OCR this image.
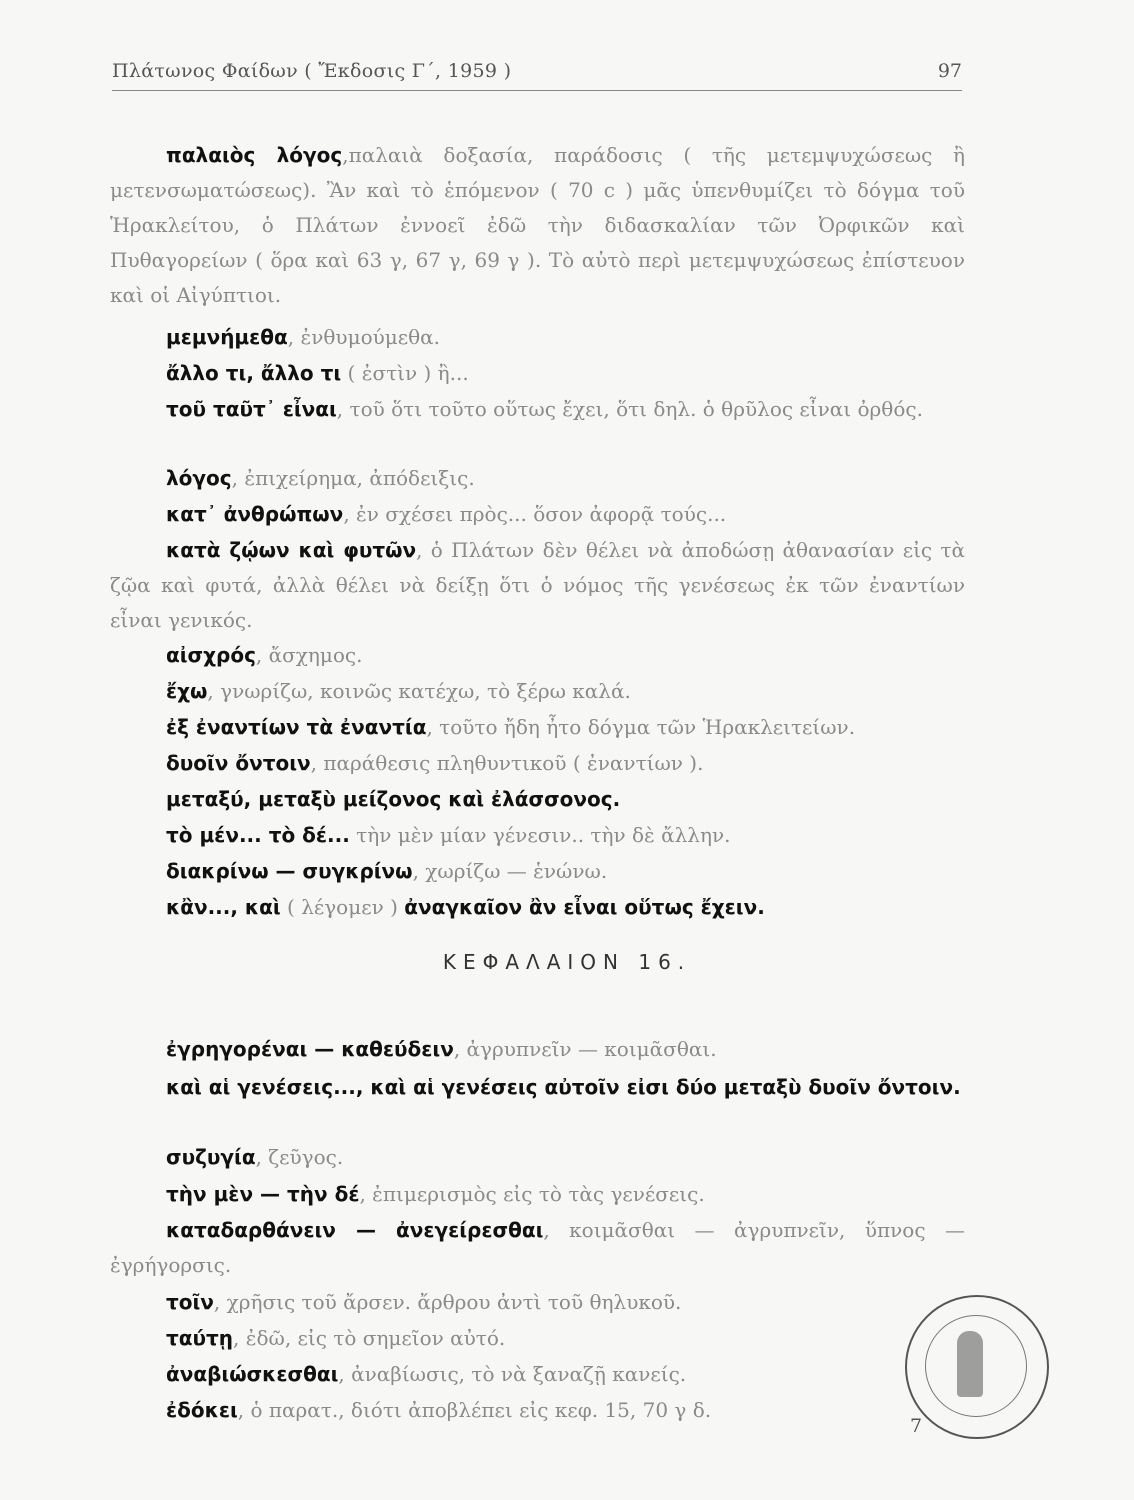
Πλάτωνος Φαίδων ( Ἔκδοσις Γ΄, 1959 )	97

παλαιὸς λόγος,παλαιὰ δοξασία, παράδοσις ( τῆς μετεμψυχώσεως ἢ μετενσωματώσεως). Ἂν καὶ τὸ ἑπόμενον ( 70 c ) μᾶς ὑπενθυμίζει τὸ δόγμα τοῦ Ἡρακλείτου, ὁ Πλάτων ἐννοεῖ ἐδῶ τὴν διδασκαλίαν τῶν Ὀρφικῶν καὶ Πυθαγορείων ( ὅρα καὶ 63 γ, 67 γ, 69 γ ). Τὸ αὐτὸ περὶ μετεμψυχώσεως ἐπίστευον καὶ οἱ Αἰγύπτιοι.

μεμνήμεθα, ἐνθυμούμεθα.

ἄλλο τι, ἄλλο τι ( ἐστὶν ) ἢ...

τοῦ ταῦτ᾽ εἶναι, τοῦ ὅτι τοῦτο οὕτως ἔχει, ὅτι δηλ. ὁ θρῦλος εἶναι ὀρθός.

λόγος, ἐπιχείρημα, ἀπόδειξις.

κατ᾽ ἀνθρώπων, ἐν σχέσει πρὸς... ὅσον ἀφορᾷ τούς...

κατὰ ζῴων καὶ φυτῶν, ὁ Πλάτων δὲν θέλει νὰ ἀποδώσῃ ἀθανασίαν εἰς τὰ ζῷα καὶ φυτά, ἀλλὰ θέλει νὰ δείξῃ ὅτι ὁ νόμος τῆς γενέσεως ἐκ τῶν ἐναντίων εἶναι γενικός.

αἰσχρός, ἄσχημος.

ἔχω, γνωρίζω, κοινῶς κατέχω, τὸ ξέρω καλά.

ἐξ ἐναντίων τὰ ἐναντία, τοῦτο ἤδη ἦτο δόγμα τῶν Ἡρακλειτείων.

δυοῖν ὄντοιν, παράθεσις πληθυντικοῦ ( ἐναντίων ).

μεταξύ, μεταξὺ μείζονος καὶ ἐλάσσονος.

τὸ μέν... τὸ δέ... τὴν μὲν μίαν γένεσιν.. τὴν δὲ ἄλλην.

διακρίνω — συγκρίνω, χωρίζω — ἑνώνω.

κἂν..., καὶ ( λέγομεν ) ἀναγκαῖον ἂν εἶναι οὕτως ἔχειν.

ΚΕΦΑΛΑΙΟΝ 16.

ἐγρηγορέναι — καθεύδειν, ἀγρυπνεῖν — κοιμᾶσθαι.

καὶ αἱ γενέσεις..., καὶ αἱ γενέσεις αὐτοῖν εἰσι δύο μεταξὺ δυοῖν ὄντοιν.

συζυγία, ζεῦγος.

τὴν μὲν — τὴν δέ, ἐπιμερισμὸς εἰς τὸ τὰς γενέσεις.

καταδαρθάνειν — ἀνεγείρεσθαι, κοιμᾶσθαι — ἀγρυπνεῖν, ὕπνος — ἐγρήγορσις.

τοῖν, χρῆσις τοῦ ἄρσεν. ἄρθρου ἀντὶ τοῦ θηλυκοῦ.

ταύτῃ, ἐδῶ, εἰς τὸ σημεῖον αὐτό.

ἀναβιώσκεσθαι, ἀναβίωσις, τὸ νὰ ξαναζῇ κανείς.

ἐδόκει, ὁ παρατ., διότι ἀποβλέπει εἰς κεφ. 15, 70 γ δ.

7
